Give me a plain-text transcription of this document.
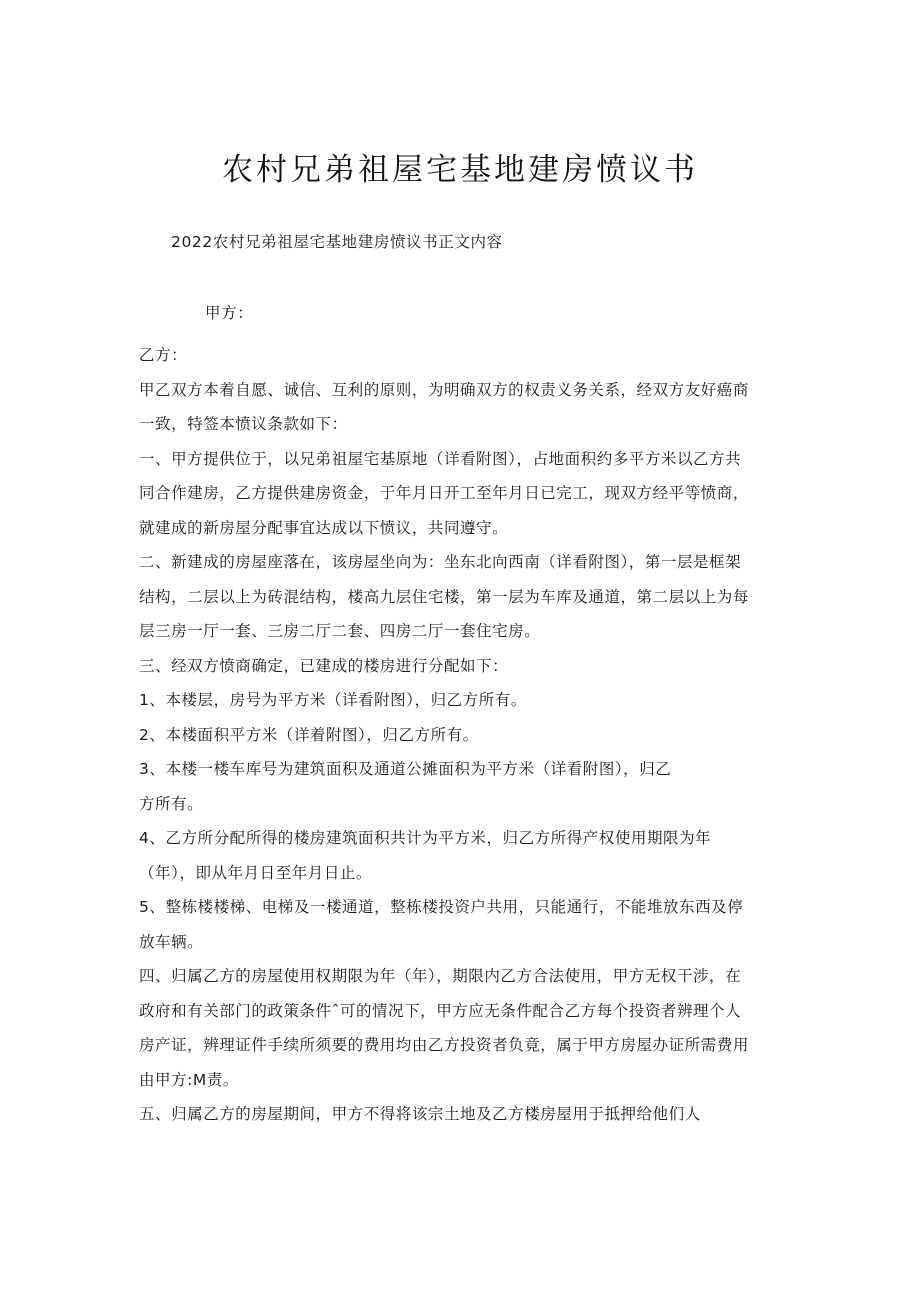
农村兄弟祖屋宅基地建房愤议书
2022农村兄弟祖屋宅基地建房愤议书正文内容
甲方：
乙方：
甲乙双方本着自愿、诚信、互利的原则，为明确双方的权责义务关系，经双方友好癌商
一致，特签本愤议条款如下：
一、甲方提供位于，以兄弟祖屋宅基原地（详看附图），占地面积约多平方米以乙方共
同合作建房，乙方提供建房资金，于年月日开工至年月日已完工，现双方经平等愤商，
就建成的新房屋分配事宜达成以下愤议，共同遵守。
二、新建成的房屋座落在，该房屋坐向为：坐东北向西南（详看附图），第一层是框架
结构，二层以上为砖混结构，楼高九层住宅楼，第一层为车库及通道，第二层以上为每
层三房一厅一套、三房二厅二套、四房二厅一套住宅房。
三、经双方愤商确定，已建成的楼房进行分配如下：
1、本楼层，房号为平方米（详看附图），归乙方所有。
2、本楼面积平方米（详着附图），归乙方所有。
3、本楼一楼车库号为建筑面积及通道公摊面积为平方米（详看附图），归乙
方所有。
4、乙方所分配所得的楼房建筑面积共计为平方米，归乙方所得产权使用期限为年
（年），即从年月日至年月日止。
5、整栋楼楼梯、电梯及一楼通道，整栋楼投资户共用，只能通行，不能堆放东西及停
放车辆。
四、归属乙方的房屋使用权期限为年（年），期限内乙方合法使用，甲方无权干涉，在
政府和有关部门的政策条件ˆ可的情况下，甲方应无条件配合乙方每个投资者辨理个人
房产证，辨理证件手续所须要的费用均由乙方投资者负竟，属于甲方房屋办证所需费用
由甲方:M责。
五、归属乙方的房屋期间，甲方不得将该宗土地及乙方楼房屋用于抵押给他们人
